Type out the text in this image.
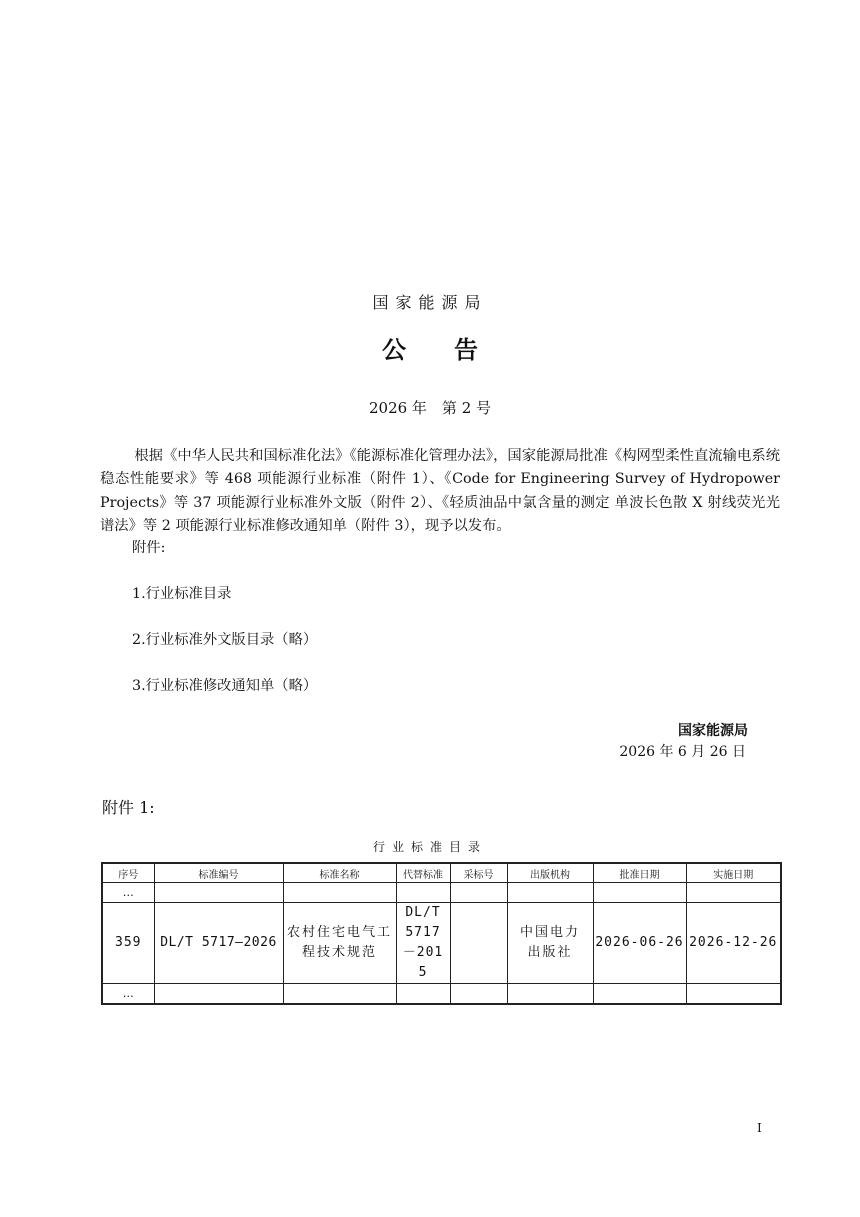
国家能源局
公 告
2026 年　第 2 号
根据《中华人民共和国标准化法》《能源标准化管理办法》，国家能源局批准《构网型柔性直流输电系统稳态性能要求》等 468 项能源行业标准（附件 1）、《Code for Engineering Survey of Hydropower Projects》等 37 项能源行业标准外文版（附件 2）、《轻质油品中氯含量的测定 单波长色散 X 射线荧光光谱法》等 2 项能源行业标准修改通知单（附件 3），现予以发布。
附件:
1.行业标准目录
2.行业标准外文版目录（略）
3.行业标准修改通知单（略）
国家能源局
2026 年 6 月 26 日
附件 1:
行业标准目录
序号	标准编号	标准名称	代替标准	采标号	出版机构	批准日期	实施日期
…							
359	DL/T 5717—2026	农村住宅电气工程技术规范	DL/T 5717－2015		中国电力出版社	2026-06-26	2026-12-26
…							
I
